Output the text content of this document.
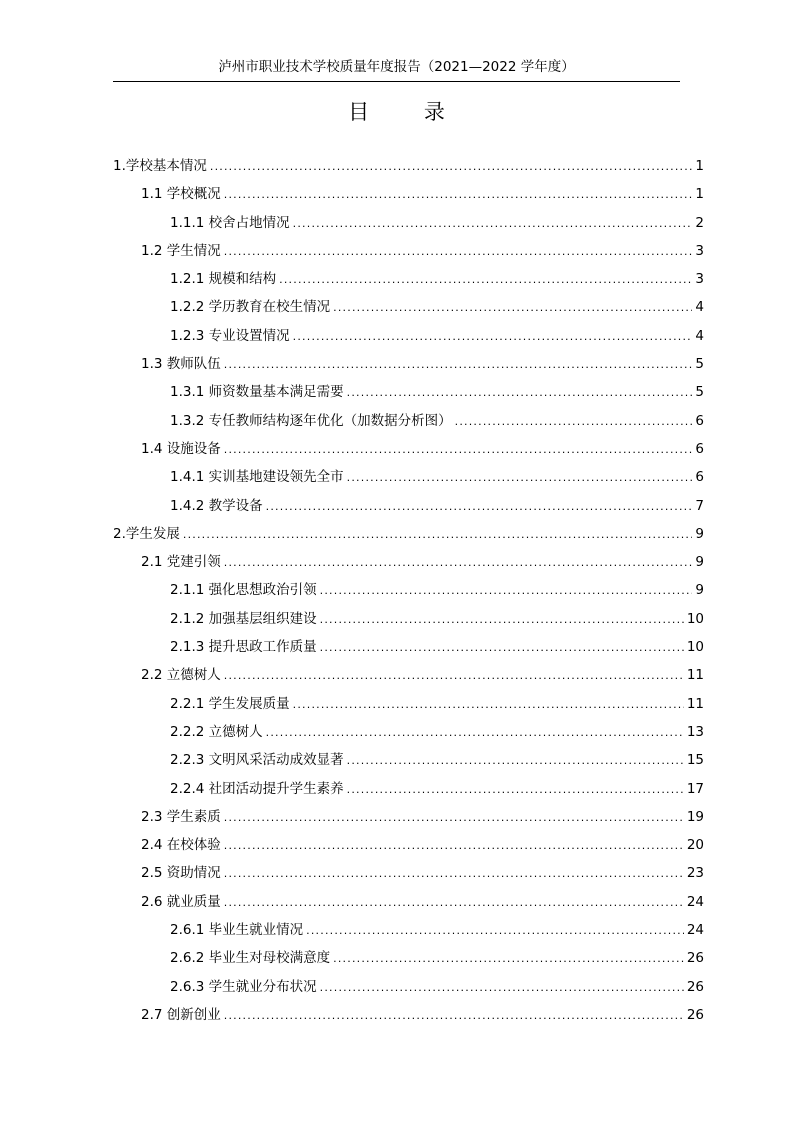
泸州市职业技术学校质量年度报告（2021—2022 学年度）
目 录
1.学校基本情况 .....	1
1.1 学校概况 .....	1
1.1.1 校舍占地情况 .....	2
1.2 学生情况 .....	3
1.2.1 规模和结构 .....	3
1.2.2 学历教育在校生情况 .....	4
1.2.3 专业设置情况 .....	4
1.3 教师队伍 .....	5
1.3.1 师资数量基本满足需要 .....	5
1.3.2 专任教师结构逐年优化（加数据分析图） .....	6
1.4 设施设备 .....	6
1.4.1 实训基地建设领先全市 .....	6
1.4.2 教学设备 .....	7
2.学生发展 .....	9
2.1 党建引领 .....	9
2.1.1 强化思想政治引领 .....	9
2.1.2 加强基层组织建设 .....	10
2.1.3 提升思政工作质量 .....	10
2.2 立德树人 .....	11
2.2.1 学生发展质量 .....	11
2.2.2 立德树人 .....	13
2.2.3 文明风采活动成效显著 .....	15
2.2.4 社团活动提升学生素养 .....	17
2.3 学生素质 .....	19
2.4 在校体验 .....	20
2.5 资助情况 .....	23
2.6 就业质量 .....	24
2.6.1 毕业生就业情况 .....	24
2.6.2 毕业生对母校满意度 .....	26
2.6.3 学生就业分布状况 .....	26
2.7 创新创业 .....	26
